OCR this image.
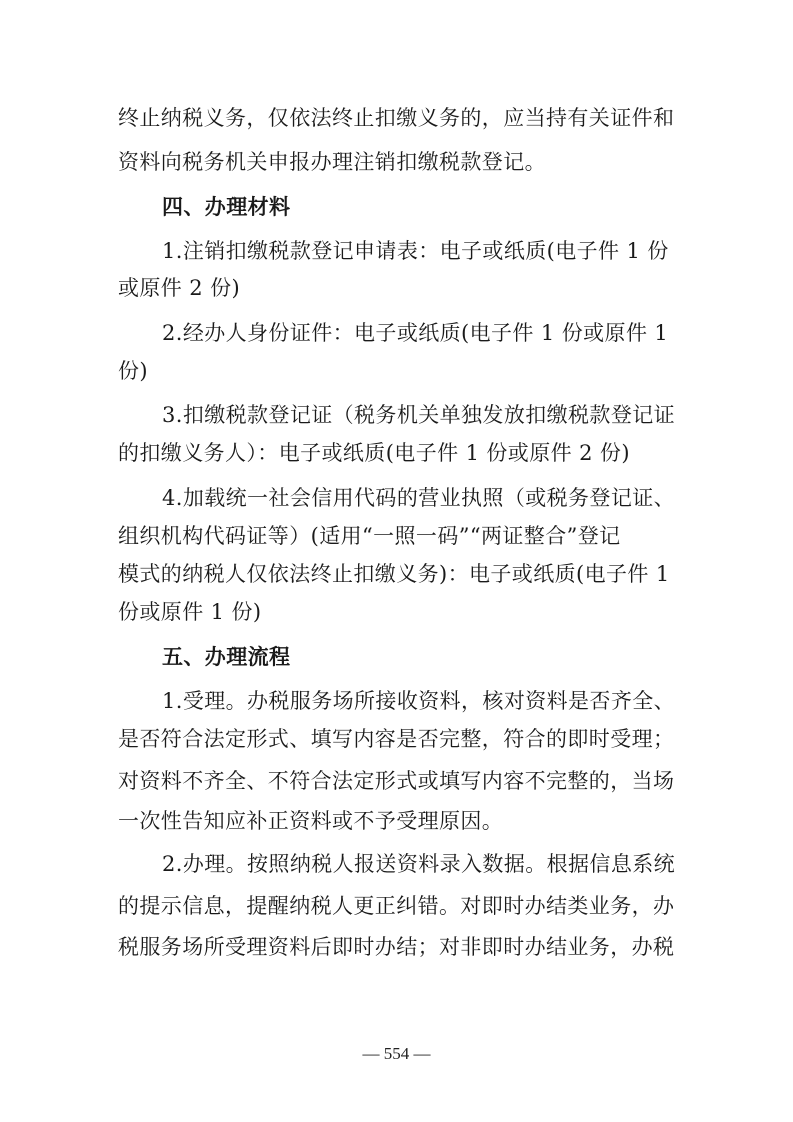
终止纳税义务，仅依法终止扣缴义务的，应当持有关证件和
资料向税务机关申报办理注销扣缴税款登记。
四、办理材料
1.注销扣缴税款登记申请表：电子或纸质(电子件 1 份
或原件 2 份)
2.经办人身份证件：电子或纸质(电子件 1 份或原件 1
份)
3.扣缴税款登记证（税务机关单独发放扣缴税款登记证
的扣缴义务人）：电子或纸质(电子件 1 份或原件 2 份)
4.加载统一社会信用代码的营业执照（或税务登记证、
组织机构代码证等）(适用“一照一码”“两证整合”登记
模式的纳税人仅依法终止扣缴义务)：电子或纸质(电子件 1
份或原件 1 份)
五、办理流程
1.受理。办税服务场所接收资料，核对资料是否齐全、
是否符合法定形式、填写内容是否完整，符合的即时受理；
对资料不齐全、不符合法定形式或填写内容不完整的，当场
一次性告知应补正资料或不予受理原因。
2.办理。按照纳税人报送资料录入数据。根据信息系统
的提示信息，提醒纳税人更正纠错。对即时办结类业务，办
税服务场所受理资料后即时办结；对非即时办结业务，办税
— 554 —
